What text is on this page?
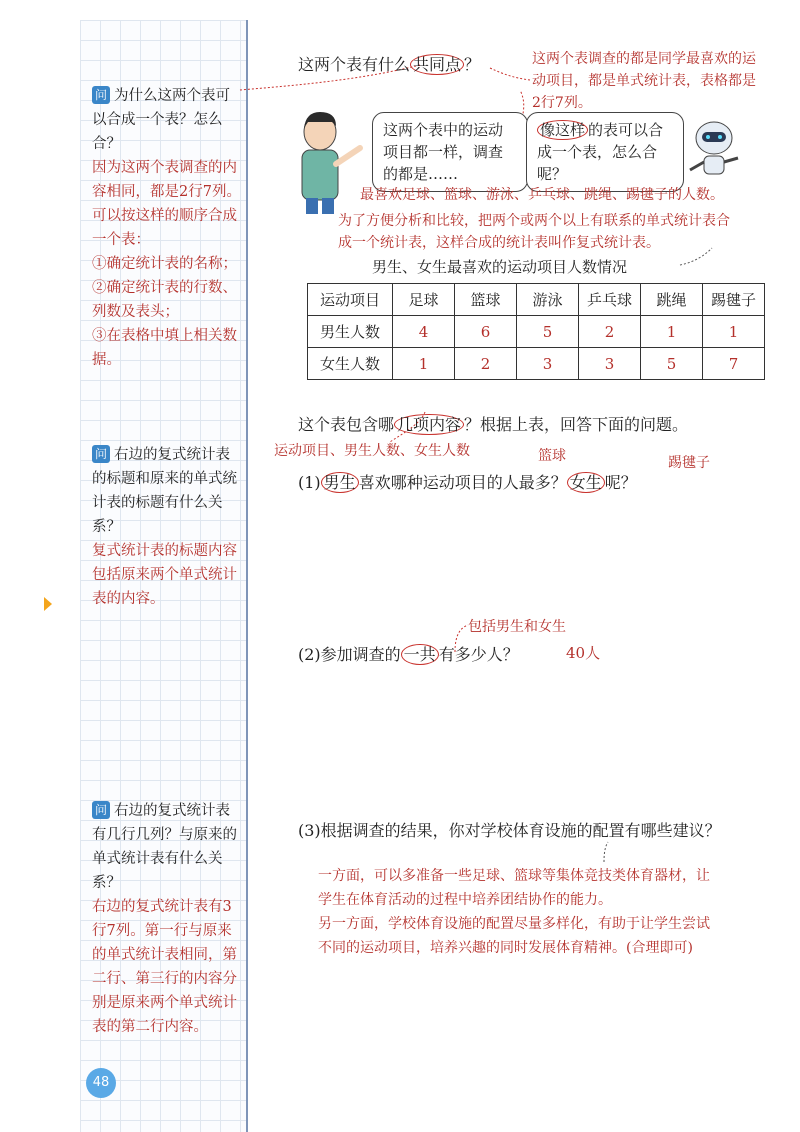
问 为什么这两个表可以合成一个表？怎么合？
因为这两个表调查的内容相同，都是2行7列。可以按这样的顺序合成一个表：
①确定统计表的名称；
②确定统计表的行数、列数及表头；
③在表格中填上相关数据。
问 右边的复式统计表的标题和原来的单式统计表的标题有什么关系？
复式统计表的标题内容包括原来两个单式统计表的内容。
问 右边的复式统计表有几行几列？与原来的单式统计表有什么关系？
右边的复式统计表有3行7列。第一行与原来的单式统计表相同，第二行、第三行的内容分别是原来两个单式统计表的第二行内容。
48
这两个表有什么 共同点 ？	这两个表调查的都是同学最喜欢的运动项目，都是单式统计表，表格都是2行7列。
这两个表中的运动项目都一样，调查的都是……
像这样 的表可以合成一个表，怎么合呢？
最喜欢足球、篮球、游泳、乒乓球、跳绳、踢毽子的人数。
为了方便分析和比较，把两个或两个以上有联系的单式统计表合成一个统计表，这样合成的统计表叫作复式统计表。
男生、女生最喜欢的运动项目人数情况
运动项目	足球	篮球	游泳	乒乓球	跳绳	踢毽子
男生人数	4	6	5	2	1	1
女生人数	1	2	3	3	5	7
这个表包含哪 几项内容 ？根据上表，回答下面的问题。
运动项目、男生人数、女生人数	篮球	踢毽子
(1) 男生 喜欢哪种运动项目的人最多？ 女生 呢？
包括男生和女生
(2)参加调查的 一共 有多少人？	40人
(3)根据调查的结果，你对学校体育设施的配置有哪些建议？
一方面，可以多准备一些足球、篮球等集体竞技类体育器材，让
学生在体育活动的过程中培养团结协作的能力。
另一方面，学校体育设施的配置尽量多样化，有助于让学生尝试
不同的运动项目，培养兴趣的同时发展体育精神。(合理即可)
